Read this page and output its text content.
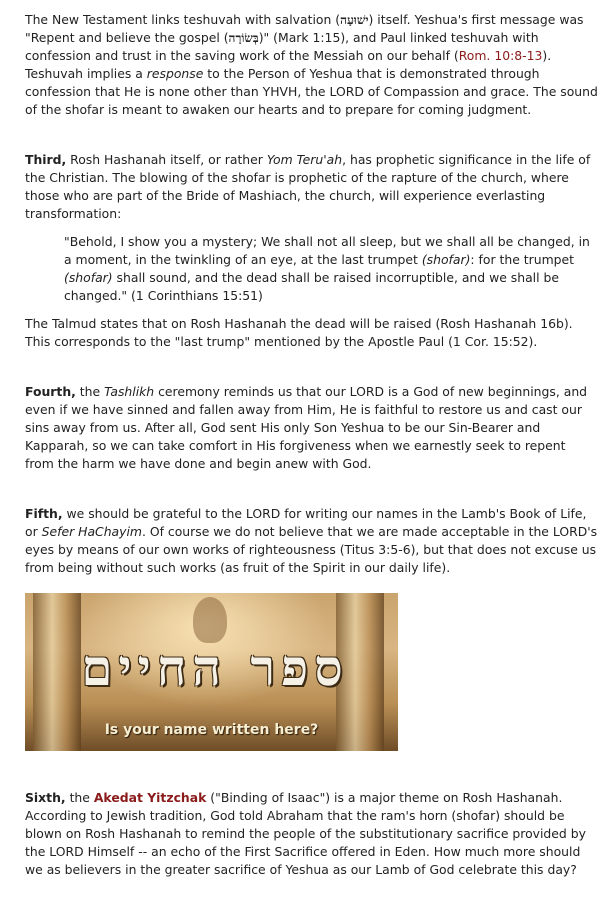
The New Testament links teshuvah with salvation (ישׁוּעָה) itself. Yeshua's first message was "Repent and believe the gospel (בְּשׂוֹרָה)" (Mark 1:15), and Paul linked teshuvah with confession and trust in the saving work of the Messiah on our behalf (Rom. 10:8-13). Teshuvah implies a response to the Person of Yeshua that is demonstrated through confession that He is none other than YHVH, the LORD of Compassion and grace. The sound of the shofar is meant to awaken our hearts and to prepare for coming judgment.

Third, Rosh Hashanah itself, or rather Yom Teru'ah, has prophetic significance in the life of the Christian. The blowing of the shofar is prophetic of the rapture of the church, where those who are part of the Bride of Mashiach, the church, will experience everlasting transformation:

"Behold, I show you a mystery; We shall not all sleep, but we shall all be changed, in a moment, in the twinkling of an eye, at the last trumpet (shofar): for the trumpet (shofar) shall sound, and the dead shall be raised incorruptible, and we shall be changed." (1 Corinthians 15:51)

The Talmud states that on Rosh Hashanah the dead will be raised (Rosh Hashanah 16b). This corresponds to the "last trump" mentioned by the Apostle Paul (1 Cor. 15:52).

Fourth, the Tashlikh ceremony reminds us that our LORD is a God of new beginnings, and even if we have sinned and fallen away from Him, He is faithful to restore us and cast our sins away from us. After all, God sent His only Son Yeshua to be our Sin-Bearer and Kapparah, so we can take comfort in His forgiveness when we earnestly seek to repent from the harm we have done and begin anew with God.

Fifth, we should be grateful to the LORD for writing our names in the Lamb's Book of Life, or Sefer HaChayim. Of course we do not believe that we are made acceptable in the LORD's eyes by means of our own works of righteousness (Titus 3:5-6), but that does not excuse us from being without such works (as fruit of the Spirit in our daily life).

ספר החיים
Is your name written here?

Sixth, the Akedat Yitzchak ("Binding of Isaac") is a major theme on Rosh Hashanah. According to Jewish tradition, God told Abraham that the ram's horn (shofar) should be blown on Rosh Hashanah to remind the people of the substitutionary sacrifice provided by the LORD Himself -- an echo of the First Sacrifice offered in Eden. How much more should we as believers in the greater sacrifice of Yeshua as our Lamb of God celebrate this day?
